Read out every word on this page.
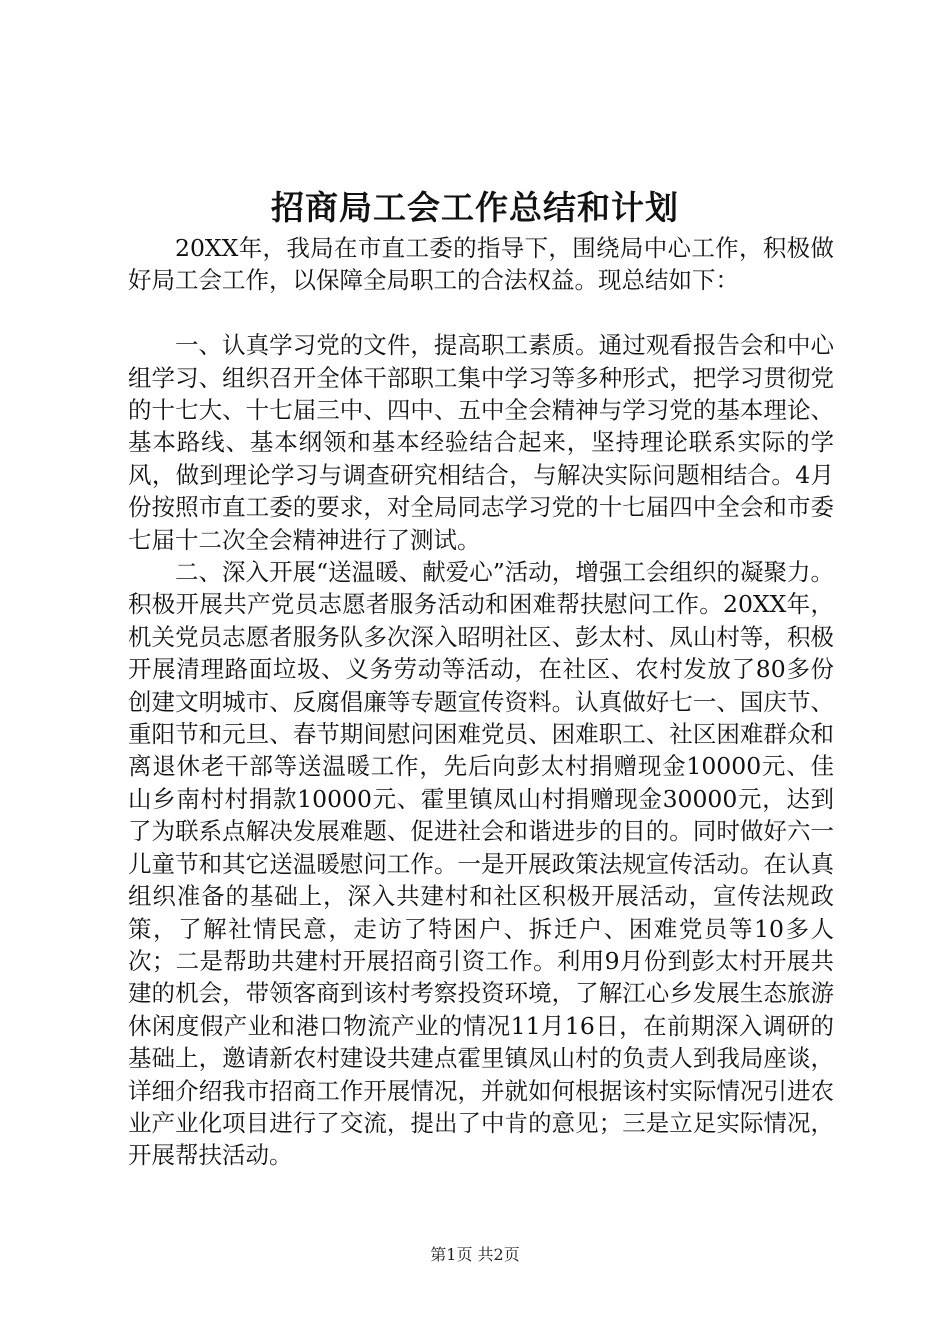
招商局工会工作总结和计划

20XX年，我局在市直工委的指导下，围绕局中心工作，积极做好局工会工作，以保障全局职工的合法权益。现总结如下：

一、认真学习党的文件，提高职工素质。通过观看报告会和中心组学习、组织召开全体干部职工集中学习等多种形式，把学习贯彻党的十七大、十七届三中、四中、五中全会精神与学习党的基本理论、基本路线、基本纲领和基本经验结合起来，坚持理论联系实际的学风，做到理论学习与调查研究相结合，与解决实际问题相结合。4月份按照市直工委的要求，对全局同志学习党的十七届四中全会和市委七届十二次全会精神进行了测试。

二、深入开展“送温暖、献爱心”活动，增强工会组织的凝聚力。积极开展共产党员志愿者服务活动和困难帮扶慰问工作。20XX年，机关党员志愿者服务队多次深入昭明社区、彭太村、凤山村等，积极开展清理路面垃圾、义务劳动等活动，在社区、农村发放了80多份创建文明城市、反腐倡廉等专题宣传资料。认真做好七一、国庆节、重阳节和元旦、春节期间慰问困难党员、困难职工、社区困难群众和离退休老干部等送温暖工作，先后向彭太村捐赠现金10000元、佳山乡南村村捐款10000元、霍里镇凤山村捐赠现金30000元，达到了为联系点解决发展难题、促进社会和谐进步的目的。同时做好六一儿童节和其它送温暖慰问工作。一是开展政策法规宣传活动。在认真组织准备的基础上，深入共建村和社区积极开展活动，宣传法规政策，了解社情民意，走访了特困户、拆迁户、困难党员等10多人次；二是帮助共建村开展招商引资工作。利用9月份到彭太村开展共建的机会，带领客商到该村考察投资环境，了解江心乡发展生态旅游休闲度假产业和港口物流产业的情况11月16日，在前期深入调研的基础上，邀请新农村建设共建点霍里镇凤山村的负责人到我局座谈，详细介绍我市招商工作开展情况，并就如何根据该村实际情况引进农业产业化项目进行了交流，提出了中肯的意见；三是立足实际情况，开展帮扶活动。

第1页 共2页
